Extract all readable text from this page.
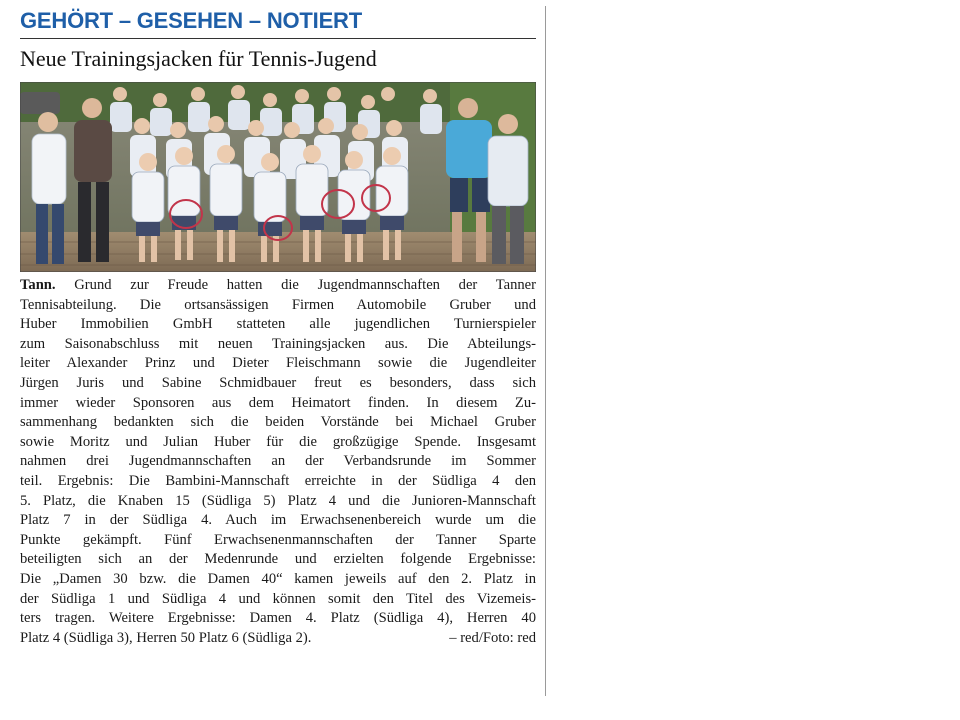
GEHÖRT – GESEHEN – NOTIERT
Neue Trainingsjacken für Tennis-Jugend
Tann. Grund zur Freude hatten die Jugendmannschaften der Tanner
Tennisabteilung. Die ortsansässigen Firmen Automobile Gruber und
Huber Immobilien GmbH statteten alle jugendlichen Turnierspieler
zum Saisonabschluss mit neuen Trainingsjacken aus. Die Abteilungs-
leiter Alexander Prinz und Dieter Fleischmann sowie die Jugendleiter
Jürgen Juris und Sabine Schmidbauer freut es besonders, dass sich
immer wieder Sponsoren aus dem Heimatort finden. In diesem Zu-
sammenhang bedankten sich die beiden Vorstände bei Michael Gruber
sowie Moritz und Julian Huber für die großzügige Spende. Insgesamt
nahmen drei Jugendmannschaften an der Verbandsrunde im Sommer
teil. Ergebnis: Die Bambini-Mannschaft erreichte in der Südliga 4 den
5. Platz, die Knaben 15 (Südliga 5) Platz 4 und die Junioren-Mannschaft
Platz 7 in der Südliga 4. Auch im Erwachsenenbereich wurde um die
Punkte gekämpft. Fünf Erwachsenenmannschaften der Tanner Sparte
beteiligten sich an der Medenrunde und erzielten folgende Ergebnisse:
Die „Damen 30 bzw. die Damen 40“ kamen jeweils auf den 2. Platz in
der Südliga 1 und Südliga 4 und können somit den Titel des Vizemeis-
ters tragen. Weitere Ergebnisse: Damen 4. Platz (Südliga 4), Herren 40
Platz 4 (Südliga 3), Herren 50 Platz 6 (Südliga 2).	– red/Foto: red
